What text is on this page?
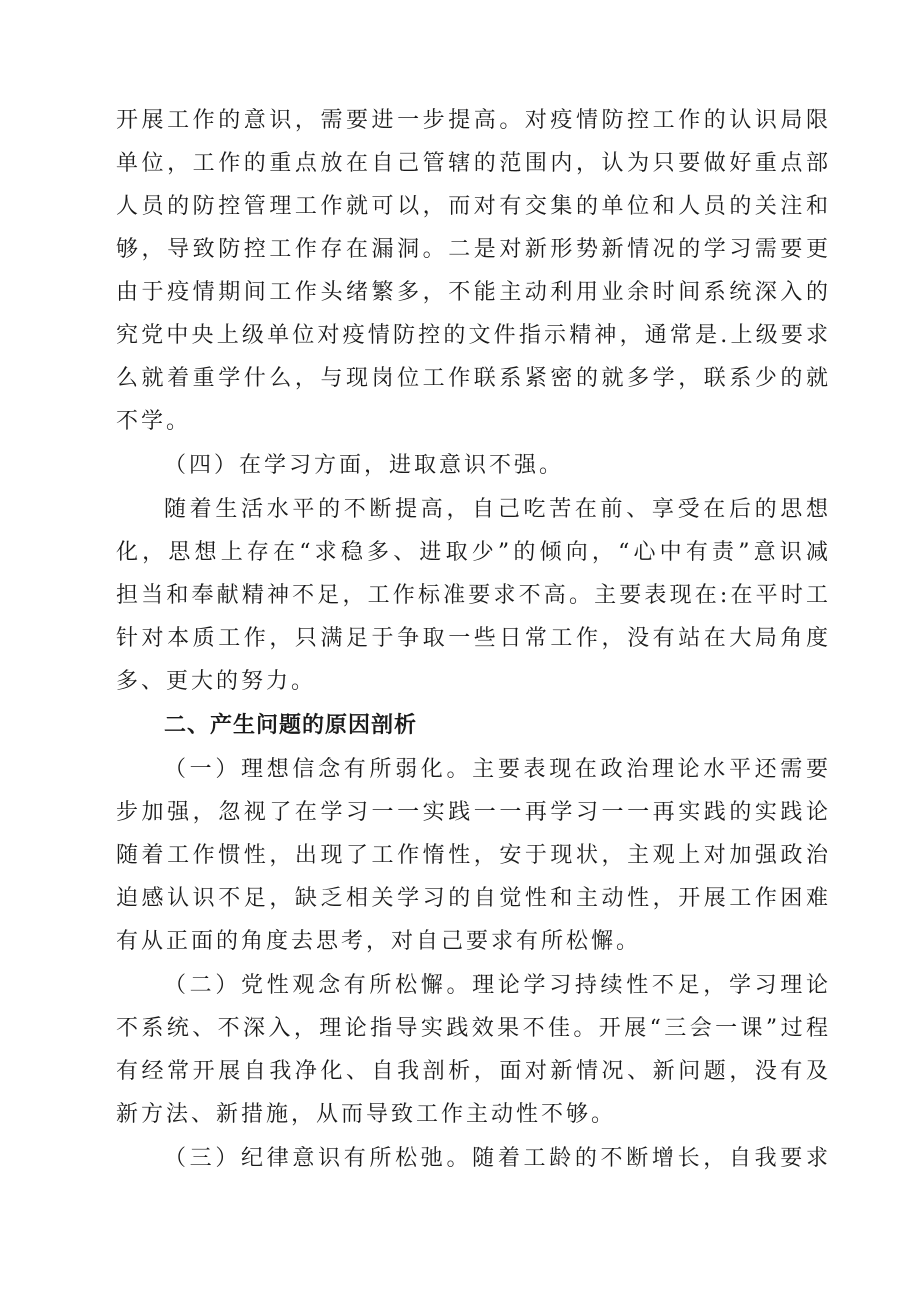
开展工作的意识，需要进一步提高。对疫情防控工作的认识局限

单位，工作的重点放在自己管辖的范围内，认为只要做好重点部

人员的防控管理工作就可以，而对有交集的单位和人员的关注和

够，导致防控工作存在漏洞。二是对新形势新情况的学习需要更

由于疫情期间工作头绪繁多，不能主动利用业余时间系统深入的

究党中央上级单位对疫情防控的文件指示精神，通常是.上级要求

么就着重学什么，与现岗位工作联系紧密的就多学，联系少的就

不学。

（四）在学习方面，进取意识不强。

随着生活水平的不断提高，自己吃苦在前、享受在后的思想

化，思想上存在“求稳多、进取少”的倾向，“心中有责”意识减

担当和奉献精神不足，工作标准要求不高。主要表现在:在平时工

针对本质工作，只满足于争取一些日常工作，没有站在大局角度

多、更大的努力。

二、产生问题的原因剖析

（一）理想信念有所弱化。主要表现在政治理论水平还需要

步加强，忽视了在学习一一实践一一再学习一一再实践的实践论

随着工作惯性，出现了工作惰性，安于现状，主观上对加强政治

迫感认识不足，缺乏相关学习的自觉性和主动性，开展工作困难

有从正面的角度去思考，对自己要求有所松懈。

（二）党性观念有所松懈。理论学习持续性不足，学习理论

不系统、不深入，理论指导实践效果不佳。开展“三会一课”过程

有经常开展自我净化、自我剖析，面对新情况、新问题，没有及

新方法、新措施，从而导致工作主动性不够。

（三）纪律意识有所松弛。随着工龄的不断增长，自我要求
